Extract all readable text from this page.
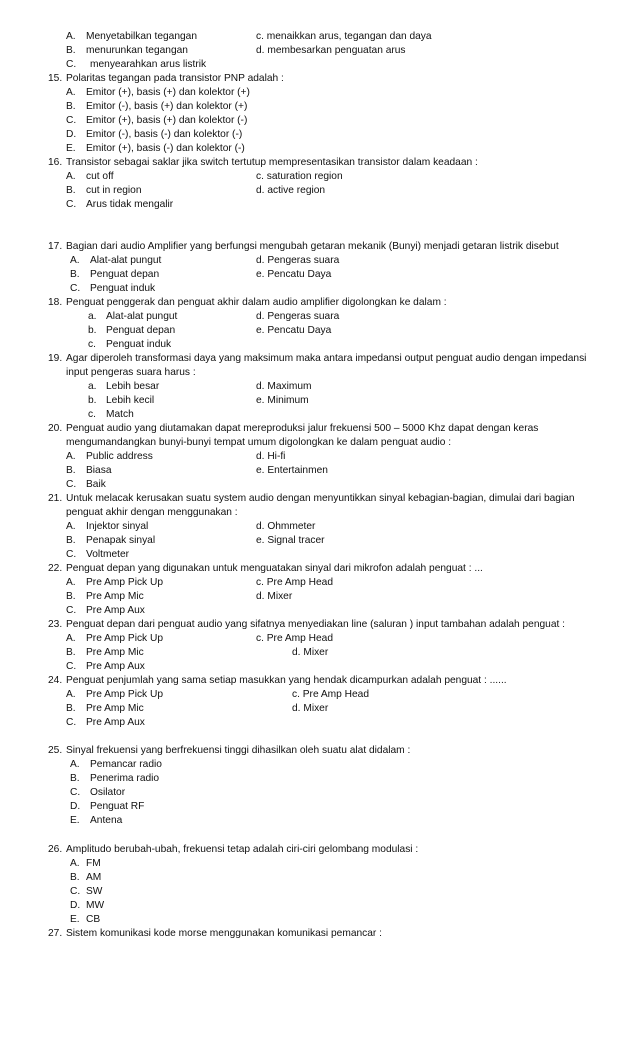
A. Menyetabilkan tegangan	c. menaikkan arus, tegangan dan daya
B. menurunkan tegangan	d. membesarkan penguatan arus
C. menyearahkan arus listrik
15. Polaritas tegangan pada transistor PNP adalah :
A. Emitor (+), basis (+) dan kolektor (+)
B. Emitor (-), basis (+) dan kolektor (+)
C. Emitor (+), basis (+) dan kolektor (-)
D. Emitor (-), basis (-) dan kolektor (-)
E. Emitor (+), basis (-) dan kolektor (-)
16. Transistor sebagai saklar jika switch tertutup mempresentasikan transistor dalam keadaan :
A. cut off	c. saturation region
B. cut in region	d. active region
C. Arus tidak mengalir
17. Bagian dari audio Amplifier yang berfungsi mengubah getaran mekanik (Bunyi) menjadi getaran listrik disebut
A. Alat-alat pungut	d. Pengeras suara
B. Penguat depan	e. Pencatu Daya
C. Penguat induk
18. Penguat penggerak dan penguat akhir dalam audio amplifier digolongkan ke dalam :
a. Alat-alat pungut	d. Pengeras suara
b. Penguat depan	e. Pencatu Daya
c. Penguat induk
19. Agar diperoleh transformasi daya yang maksimum maka antara impedansi output penguat audio dengan impedansi
input pengeras suara harus :
a. Lebih besar	d. Maximum
b. Lebih kecil	e. Minimum
c. Match
20. Penguat audio yang diutamakan dapat mereproduksi jalur frekuensi 500 – 5000 Khz dapat dengan keras
mengumandangkan bunyi-bunyi tempat umum digolongkan ke dalam penguat audio :
A. Public address	d. Hi-fi
B. Biasa	e. Entertainmen
C. Baik
21. Untuk melacak kerusakan suatu system audio dengan menyuntikkan sinyal kebagian-bagian, dimulai dari bagian
penguat akhir dengan menggunakan :
A. Injektor sinyal	d. Ohmmeter
B. Penapak sinyal	e. Signal tracer
C. Voltmeter
22. Penguat depan yang digunakan untuk menguatakan sinyal dari mikrofon adalah penguat : ...
A. Pre Amp Pick Up	c. Pre Amp Head
B. Pre Amp Mic	d. Mixer
C. Pre Amp Aux
23. Penguat depan dari penguat audio yang sifatnya menyediakan line (saluran ) input tambahan adalah penguat :
A. Pre Amp Pick Up	c. Pre Amp Head
B. Pre Amp Mic	d. Mixer
C. Pre Amp Aux
24. Penguat penjumlah yang sama setiap masukkan yang hendak dicampurkan adalah penguat : ......
A. Pre Amp Pick Up	c. Pre Amp Head
B. Pre Amp Mic	d. Mixer
C. Pre Amp Aux
25. Sinyal frekuensi yang berfrekuensi tinggi dihasilkan oleh suatu alat didalam :
A. Pemancar radio
B. Penerima radio
C. Osilator
D. Penguat RF
E. Antena
26. Amplitudo berubah-ubah, frekuensi tetap adalah ciri-ciri gelombang modulasi :
A. FM
B. AM
C. SW
D. MW
E. CB
27. Sistem komunikasi kode morse menggunakan komunikasi pemancar :
